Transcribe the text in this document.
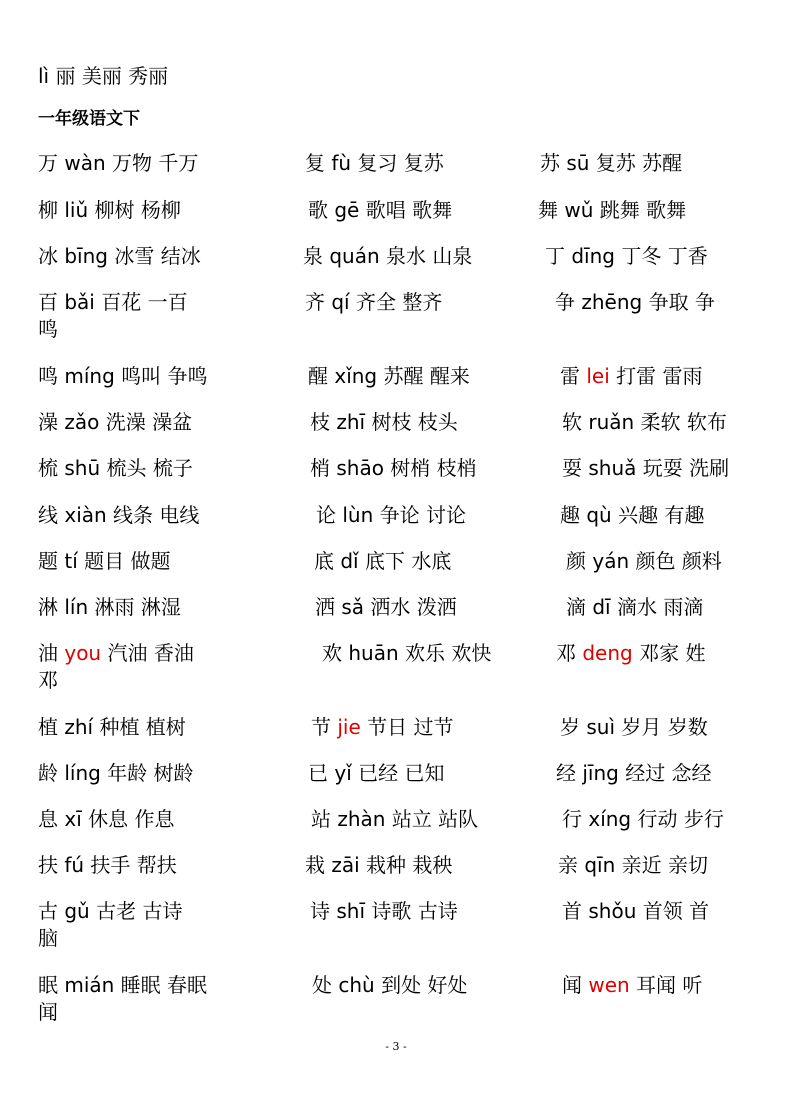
lì 丽 美丽 秀丽
一年级语文下
万 wàn 万物 千万	复 fù 复习 复苏	苏 sū 复苏 苏醒
柳 liǔ 柳树 杨柳	歌 gē 歌唱 歌舞	舞 wǔ 跳舞 歌舞
冰 bīng 冰雪 结冰	泉 quán 泉水 山泉	丁 dīng 丁冬 丁香
百 bǎi 百花 一百	齐 qí 齐全 整齐	争 zhēng 争取 争
鸣
鸣 míng 鸣叫 争鸣	醒 xǐng 苏醒 醒来	雷 lei 打雷 雷雨
澡 zǎo 洗澡 澡盆	枝 zhī 树枝 枝头	软 ruǎn 柔软 软布
梳 shū 梳头 梳子	梢 shāo 树梢 枝梢	耍 shuǎ 玩耍 洗刷
线 xiàn 线条 电线	论 lùn 争论 讨论	趣 qù 兴趣 有趣
题 tí 题目 做题	底 dǐ 底下 水底	颜 yán 颜色 颜料
淋 lín 淋雨 淋湿	洒 sǎ 洒水 泼洒	滴 dī 滴水 雨滴
油 you 汽油 香油	欢 huān 欢乐 欢快	邓 deng 邓家 姓
邓
植 zhí 种植 植树	节 jie 节日 过节	岁 suì 岁月 岁数
龄 líng 年龄 树龄	已 yǐ 已经 已知	经 jīng 经过 念经
息 xī 休息 作息	站 zhàn 站立 站队	行 xíng 行动 步行
扶 fú 扶手 帮扶	栽 zāi 栽种 栽秧	亲 qīn 亲近 亲切
古 gǔ 古老 古诗	诗 shī 诗歌 古诗	首 shǒu 首领 首
脑
眠 mián 睡眠 春眠	处 chù 到处 好处	闻 wen 耳闻 听
闻
- 3 -
